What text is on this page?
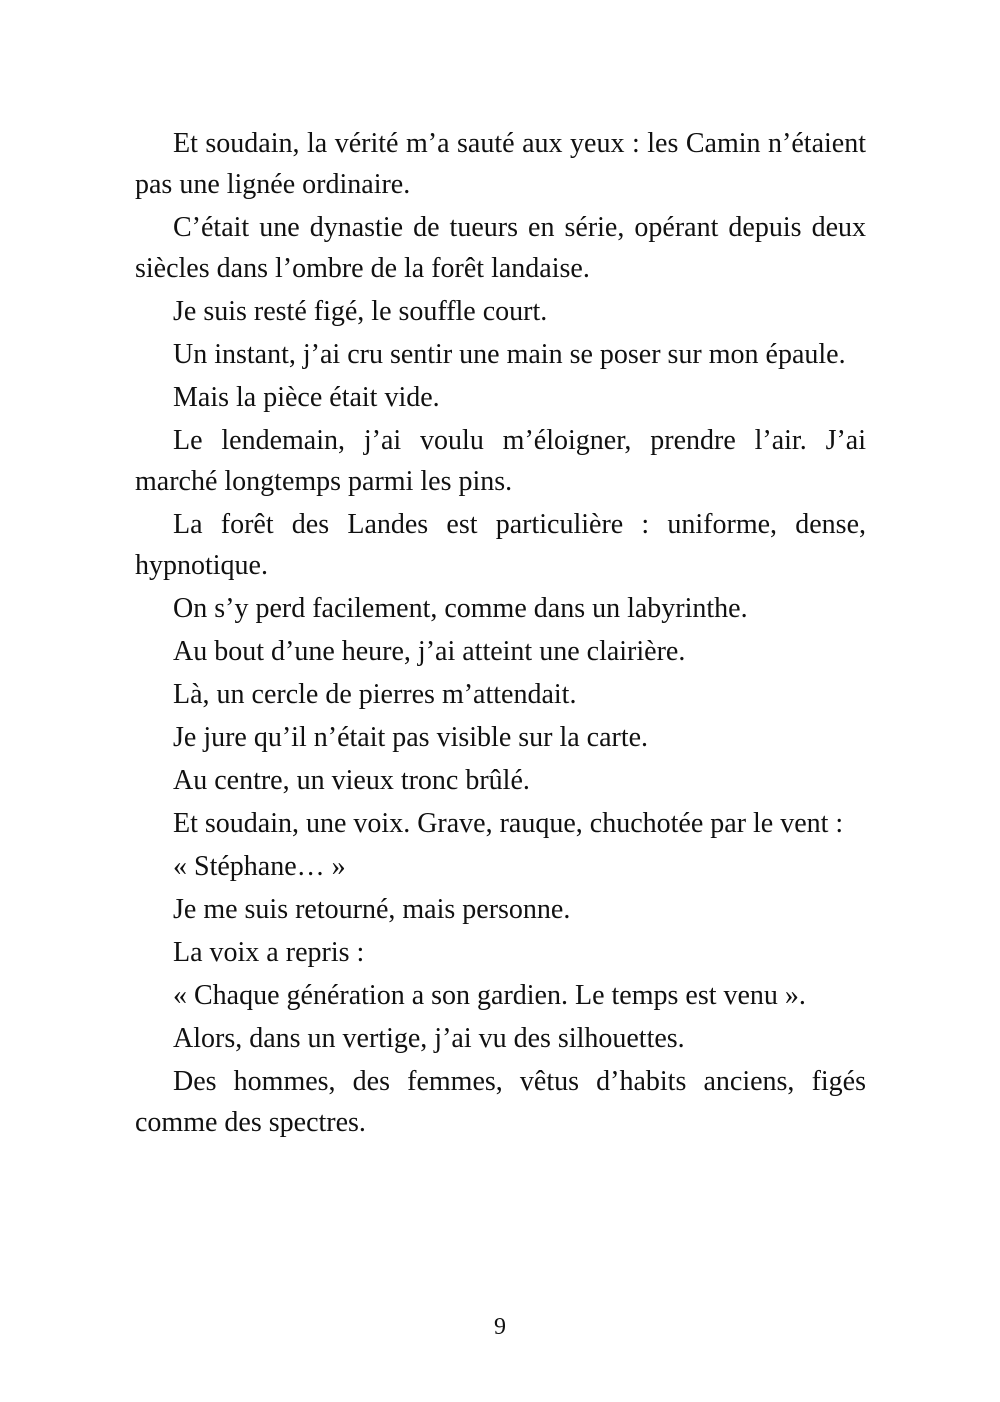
Et soudain, la vérité m’a sauté aux yeux : les Camin n’étaient pas une lignée ordinaire.

C’était une dynastie de tueurs en série, opérant depuis deux siècles dans l’ombre de la forêt landaise.

Je suis resté figé, le souffle court.

Un instant, j’ai cru sentir une main se poser sur mon épaule.

Mais la pièce était vide.

Le lendemain, j’ai voulu m’éloigner, prendre l’air. J’ai marché longtemps parmi les pins.

La forêt des Landes est particulière : uniforme, dense, hypnotique.

On s’y perd facilement, comme dans un labyrinthe.

Au bout d’une heure, j’ai atteint une clairière.

Là, un cercle de pierres m’attendait.

Je jure qu’il n’était pas visible sur la carte.

Au centre, un vieux tronc brûlé.

Et soudain, une voix. Grave, rauque, chuchotée par le vent :

« Stéphane… »

Je me suis retourné, mais personne.

La voix a repris :

« Chaque génération a son gardien. Le temps est venu ».

Alors, dans un vertige, j’ai vu des silhouettes.

Des hommes, des femmes, vêtus d’habits anciens, figés comme des spectres.

9
